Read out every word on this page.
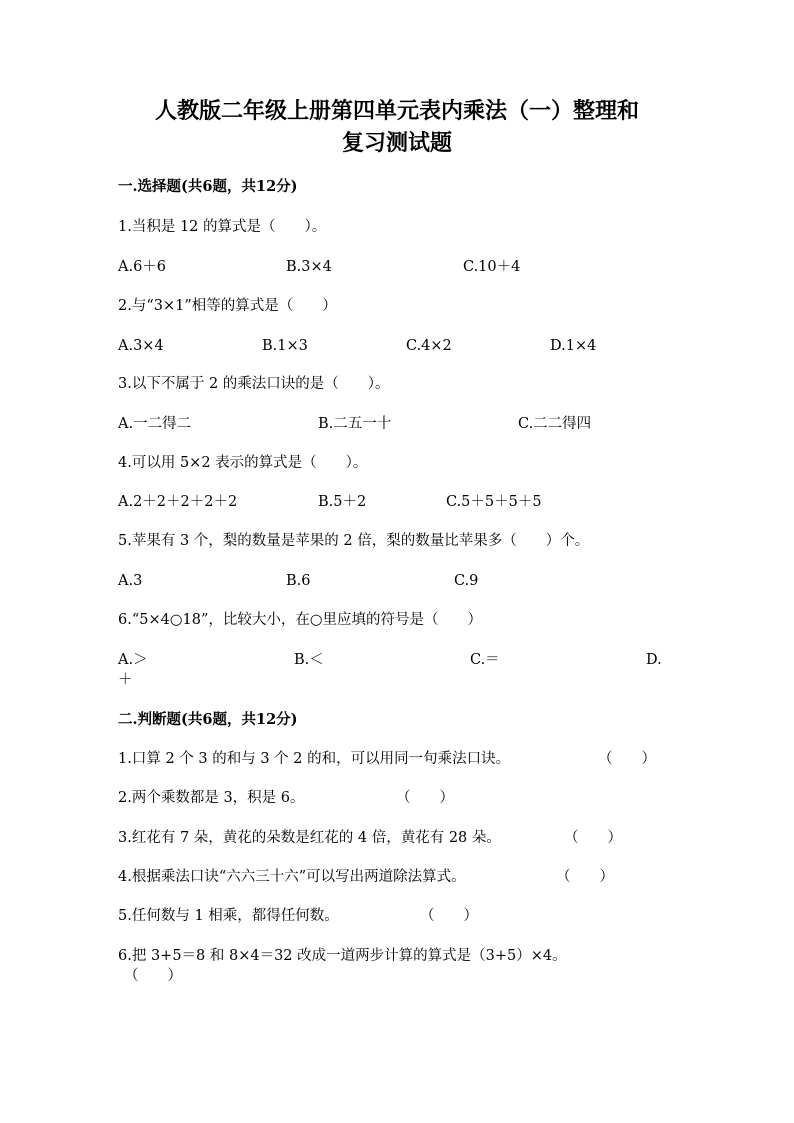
人教版二年级上册第四单元表内乘法（一）整理和
复习测试题
一.选择题(共6题，共12分)
1.当积是 12 的算式是（　　）。
A.6＋6	B.3×4	C.10＋4
2.与“3×1”相等的算式是（　　）
A.3×4	B.1×3	C.4×2	D.1×4
3.以下不属于 2 的乘法口诀的是（　　）。
A.一二得二	B.二五一十	C.二二得四
4.可以用 5×2 表示的算式是（　　）。
A.2＋2＋2＋2＋2	B.5＋2	C.5＋5＋5＋5
5.苹果有 3 个，梨的数量是苹果的 2 倍，梨的数量比苹果多（　　）个。
A.3	B.6	C.9
6.“5×4○18”，比较大小，在○里应填的符号是（　　）
A.＞	B.＜	C.＝	D.
＋
二.判断题(共6题，共12分)
1.口算 2 个 3 的和与 3 个 2 的和，可以用同一句乘法口诀。	（　　）
2.两个乘数都是 3，积是 6。	（　　）
3.红花有 7 朵，黄花的朵数是红花的 4 倍，黄花有 28 朵。	（　　）
4.根据乘法口诀“六六三十六”可以写出两道除法算式。	（　　）
5.任何数与 1 相乘，都得任何数。	（　　）
6.把 3+5＝8 和 8×4＝32 改成一道两步计算的算式是（3+5）×4。
（　　）
